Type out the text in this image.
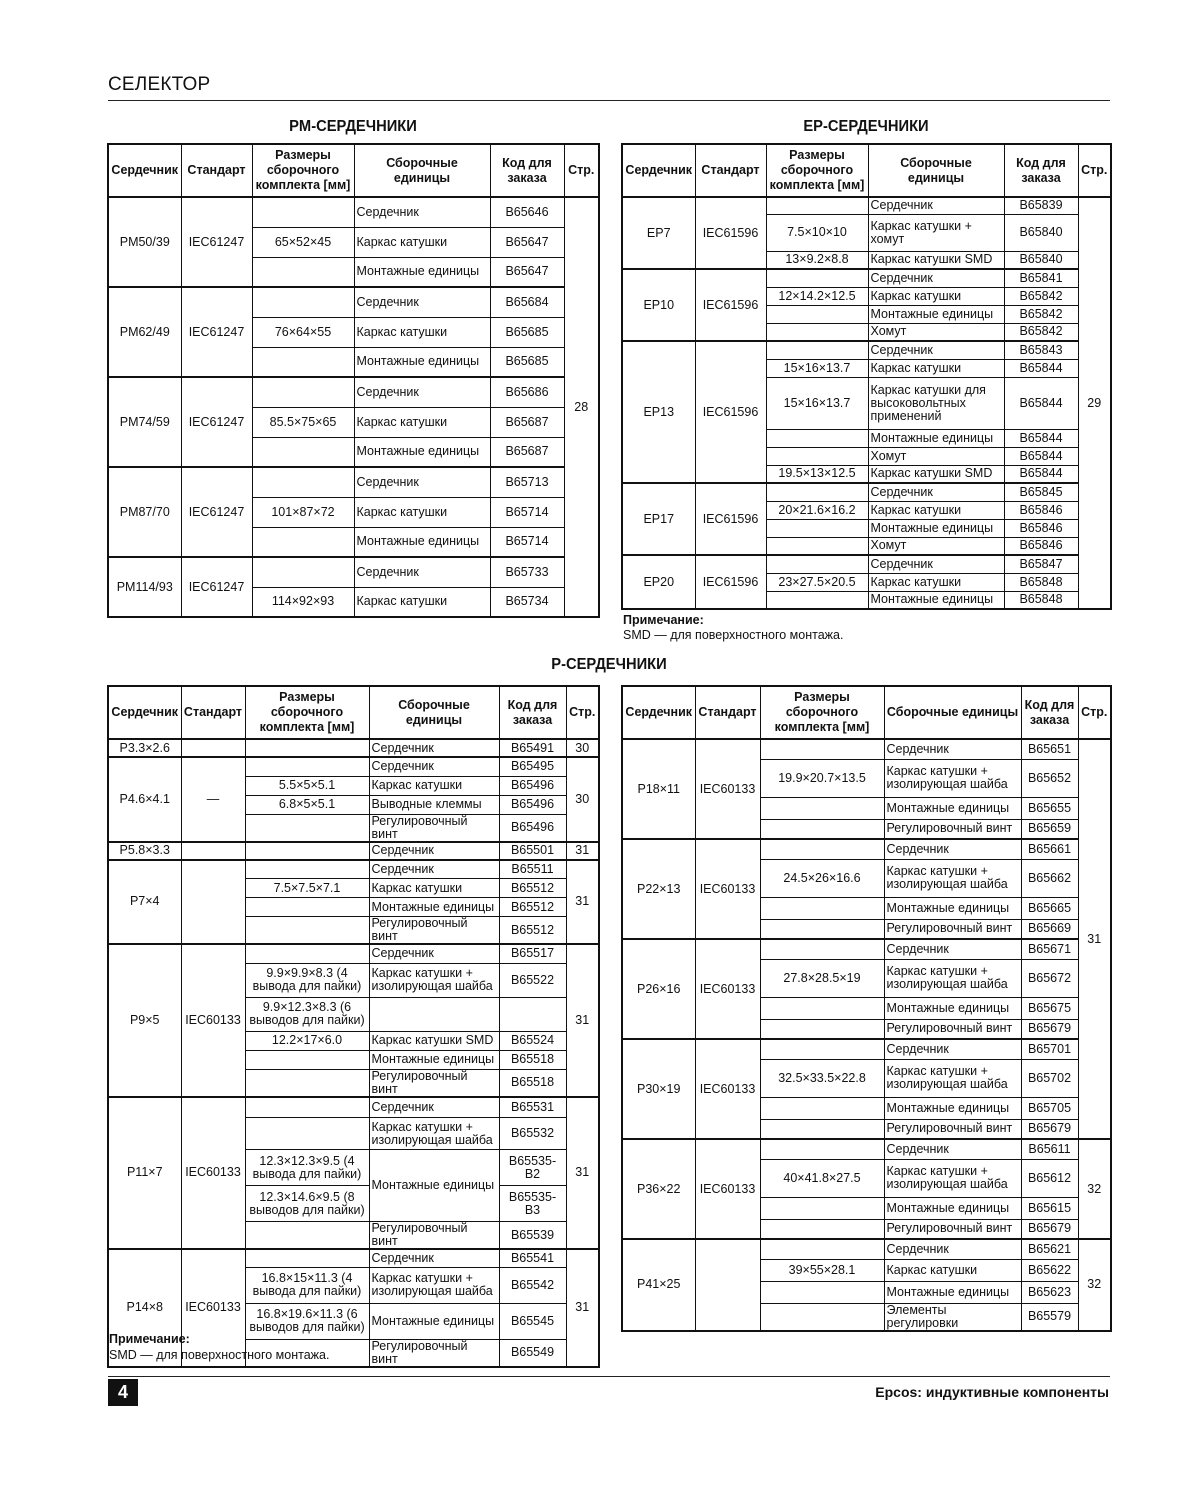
СЕЛЕКТОР
PM-СЕРДЕЧНИКИ
Сердечник	Стандарт	Размеры сборочного комплекта [мм]	Сборочные единицы	Код для заказа	Стр.
PM50/39	IEC61247		Сердечник	B65646	28
		65×52×45	Каркас катушки	B65647	
			Монтажные единицы	B65647	
PM62/49	IEC61247		Сердечник	B65684	
		76×64×55	Каркас катушки	B65685	
			Монтажные единицы	B65685	
PM74/59	IEC61247		Сердечник	B65686	
		85.5×75×65	Каркас катушки	B65687	
			Монтажные единицы	B65687	
PM87/70	IEC61247		Сердечник	B65713	
		101×87×72	Каркас катушки	B65714	
			Монтажные единицы	B65714	
PM114/93	IEC61247		Сердечник	B65733	
		114×92×93	Каркас катушки	B65734	
EP-СЕРДЕЧНИКИ
Сердечник	Стандарт	Размеры сборочного комплекта [мм]	Сборочные единицы	Код для заказа	Стр.
EP7	IEC61596		Сердечник	B65839	29
		7.5×10×10	Каркас катушки + хомут	B65840	
		13×9.2×8.8	Каркас катушки SMD	B65840	
EP10	IEC61596		Сердечник	B65841	
		12×14.2×12.5	Каркас катушки	B65842	
			Монтажные единицы	B65842	
			Хомут	B65842	
EP13	IEC61596		Сердечник	B65843	
		15×16×13.7	Каркас катушки	B65844	
		15×16×13.7	Каркас катушки для высоковольтных применений	B65844	
			Монтажные единицы	B65844	
			Хомут	B65844	
		19.5×13×12.5	Каркас катушки SMD	B65844	
EP17	IEC61596		Сердечник	B65845	
		20×21.6×16.2	Каркас катушки	B65846	
			Монтажные единицы	B65846	
			Хомут	B65846	
EP20	IEC61596		Сердечник	B65847	
		23×27.5×20.5	Каркас катушки	B65848	
			Монтажные единицы	B65848	
Примечание:
SMD — для поверхностного монтажа.
P-СЕРДЕЧНИКИ
Сердечник	Стандарт	Размеры сборочного комплекта [мм]	Сборочные единицы	Код для заказа	Стр.
P3.3×2.6			Сердечник	B65491	30
P4.6×4.1	—		Сердечник	B65495	30
		5.5×5×5.1	Каркас катушки	B65496	
		6.8×5×5.1	Выводные клеммы	B65496	
			Регулировочный винт	B65496	
P5.8×3.3			Сердечник	B65501	31
P7×4			Сердечник	B65511	31
		7.5×7.5×7.1	Каркас катушки	B65512	
			Монтажные единицы	B65512	
			Регулировочный винт	B65512	
P9×5	IEC60133		Сердечник	B65517	31
		9.9×9.9×8.3 (4 вывода для пайки)	Каркас катушки + изолирующая шайба	B65522	
		9.9×12.3×8.3 (6 выводов для пайки)			
		12.2×17×6.0	Каркас катушки SMD	B65524	
			Монтажные единицы	B65518	
			Регулировочный винт	B65518	
P11×7	IEC60133		Сердечник	B65531	31
			Каркас катушки + изолирующая шайба	B65532	
		12.3×12.3×9.5 (4 вывода для пайки)	Монтажные единицы	B65535-B2	
		12.3×14.6×9.5 (8 выводов для пайки)		B65535-B3	
			Регулировочный винт	B65539	
P14×8	IEC60133		Сердечник	B65541	31
		16.8×15×11.3 (4 вывода для пайки)	Каркас катушки + изолирующая шайба	B65542	
		16.8×19.6×11.3 (6 выводов для пайки)	Монтажные единицы	B65545	
			Регулировочный винт	B65549	
Примечание:
SMD — для поверхностного монтажа.
Сердечник	Стандарт	Размеры сборочного комплекта [мм]	Сборочные единицы	Код для заказа	Стр.
P18×11	IEC60133		Сердечник	B65651	31
		19.9×20.7×13.5	Каркас катушки + изолирующая шайба	B65652	
			Монтажные единицы	B65655	
			Регулировочный винт	B65659	
P22×13	IEC60133		Сердечник	B65661	
		24.5×26×16.6	Каркас катушки + изолирующая шайба	B65662	
			Монтажные единицы	B65665	
			Регулировочный винт	B65669	
P26×16	IEC60133		Сердечник	B65671	
		27.8×28.5×19	Каркас катушки + изолирующая шайба	B65672	
			Монтажные единицы	B65675	
			Регулировочный винт	B65679	
P30×19	IEC60133		Сердечник	B65701	
		32.5×33.5×22.8	Каркас катушки + изолирующая шайба	B65702	
			Монтажные единицы	B65705	
			Регулировочный винт	B65679	
P36×22	IEC60133		Сердечник	B65611	32
		40×41.8×27.5	Каркас катушки + изолирующая шайба	B65612	
			Монтажные единицы	B65615	
			Регулировочный винт	B65679	
P41×25			Сердечник	B65621	32
		39×55×28.1	Каркас катушки	B65622	
			Монтажные единицы	B65623	
			Элементы регулировки	B65579	
4	Epcos: индуктивные компоненты
